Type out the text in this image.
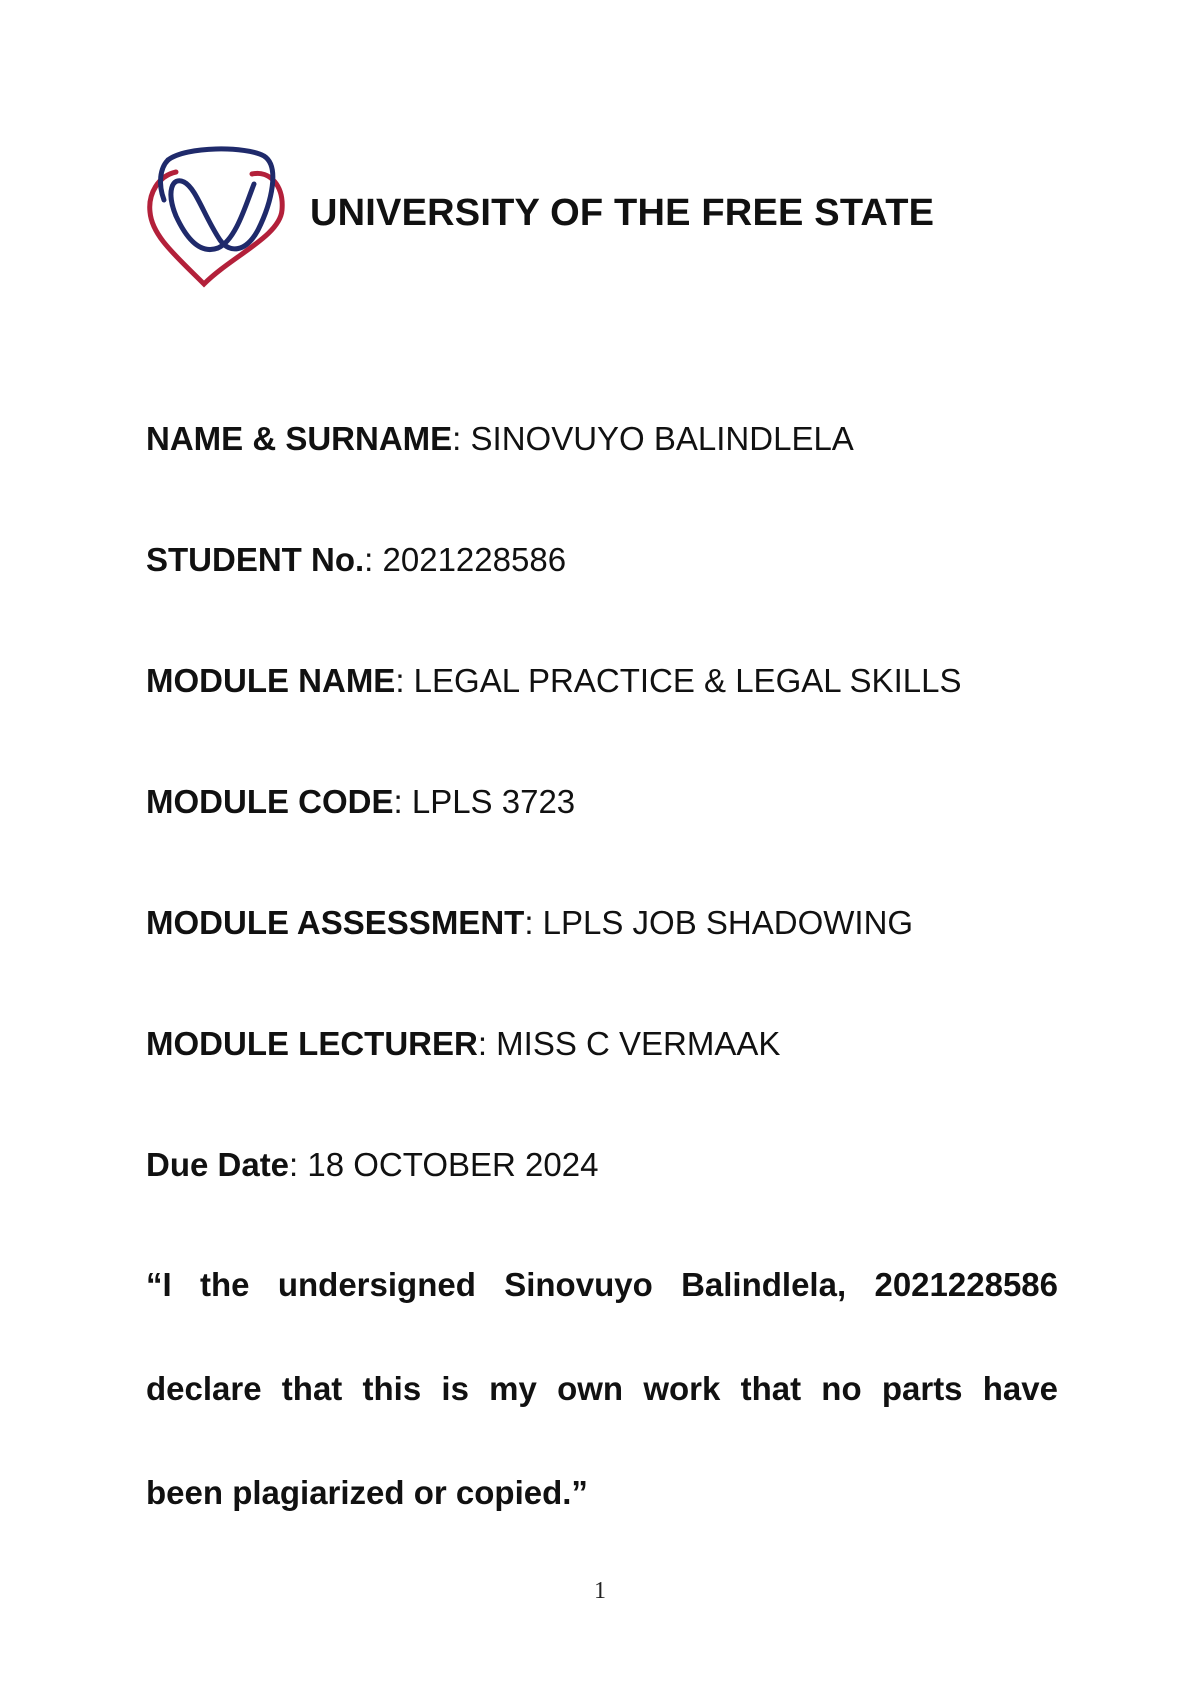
UNIVERSITY OF THE FREE STATE
NAME & SURNAME: SINOVUYO BALINDLELA
STUDENT No.: 2021228586
MODULE NAME: LEGAL PRACTICE & LEGAL SKILLS
MODULE CODE: LPLS 3723
MODULE ASSESSMENT: LPLS JOB SHADOWING
MODULE LECTURER: MISS C VERMAAK
Due Date: 18 OCTOBER 2024
“I the undersigned Sinovuyo Balindlela, 2021228586
declare that this is my own work that no parts have
been plagiarized or copied.”
1
